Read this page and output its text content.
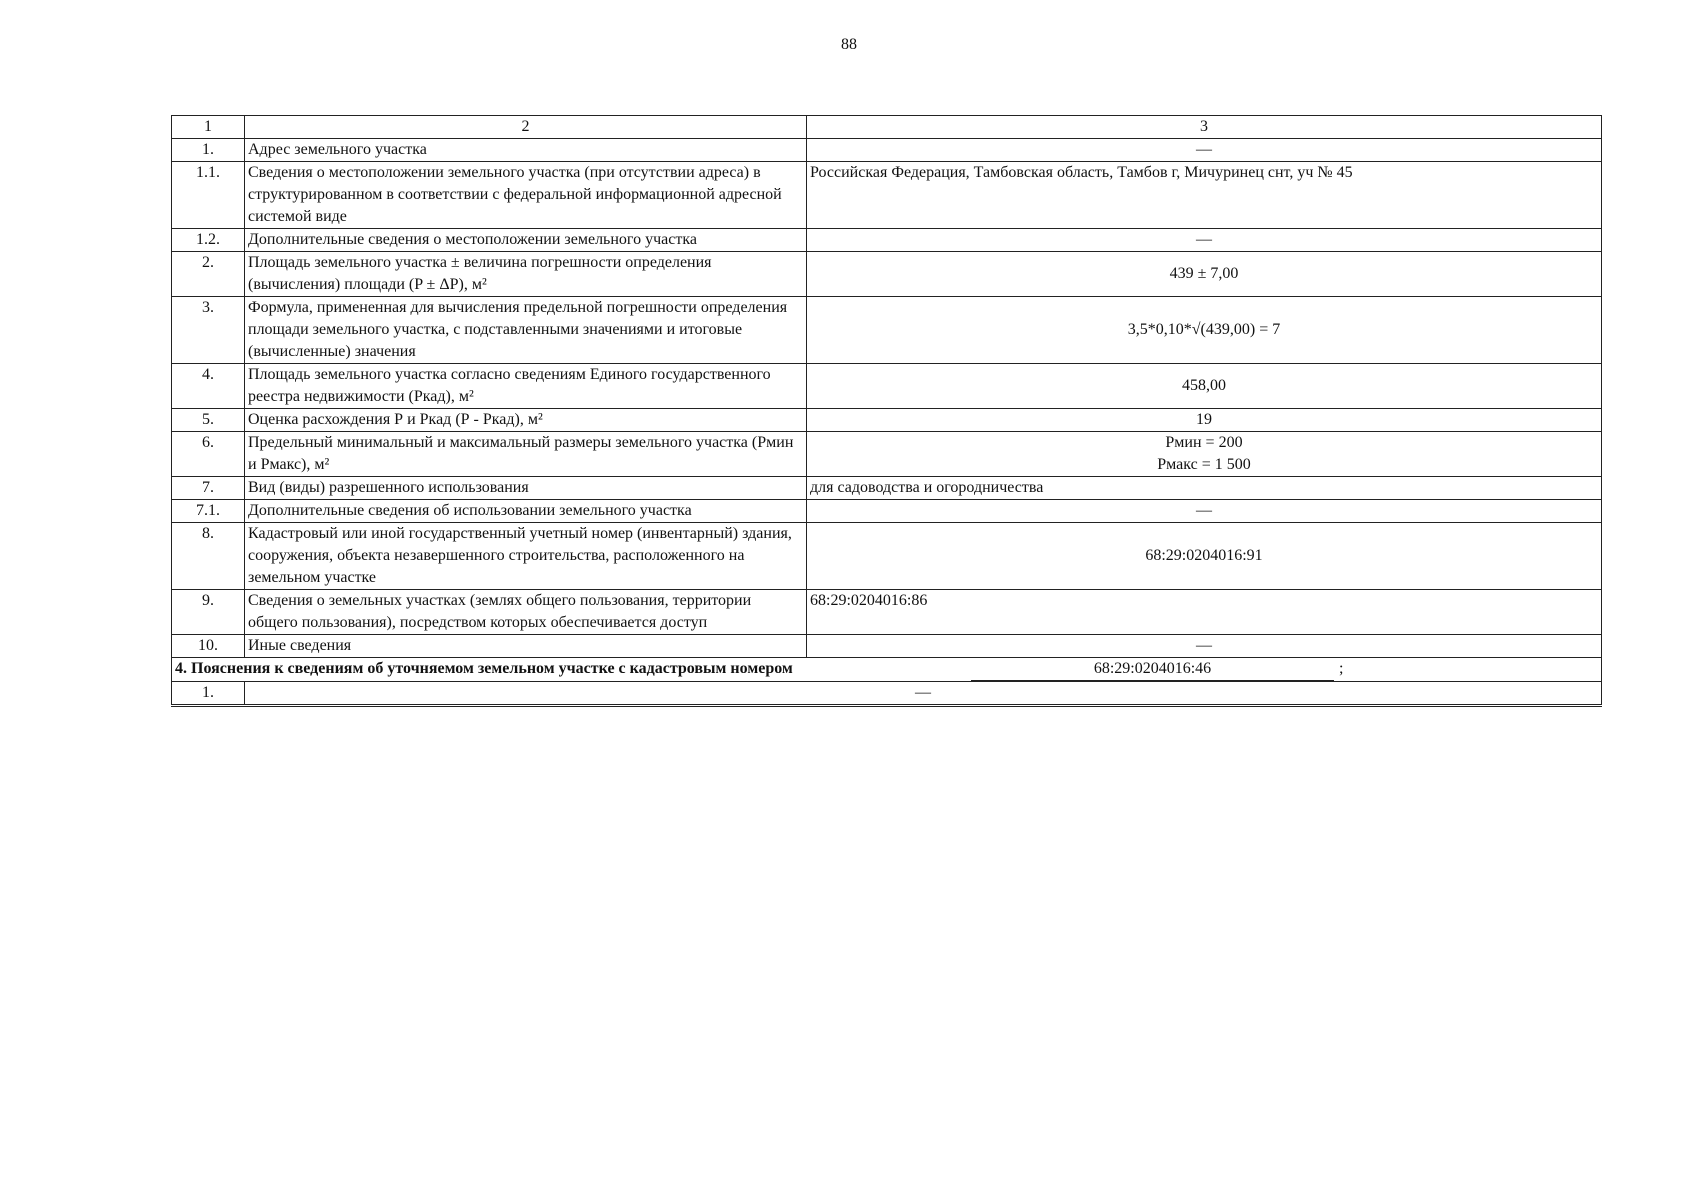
88
1	2	3
1.	Адрес земельного участка	—
1.1.	Сведения о местоположении земельного участка (при отсутствии адреса) в структурированном в соответствии с федеральной информационной адресной системой виде	Российская Федерация, Тамбовская область, Тамбов г, Мичуринец снт, уч № 45
1.2.	Дополнительные сведения о местоположении земельного участка	—
2.	Площадь земельного участка ± величина погрешности определения (вычисления) площади (P ± ΔP), м²	439 ± 7,00
3.	Формула, примененная для вычисления предельной погрешности определения площади земельного участка, с подставленными значениями и итоговые (вычисленные) значения	3,5*0,10*√(439,00) = 7
4.	Площадь земельного участка согласно сведениям Единого государственного реестра недвижимости (Ркад), м²	458,00
5.	Оценка расхождения Р и Ркад (Р - Ркад), м²	19
6.	Предельный минимальный и максимальный размеры земельного участка (Рмин и Рмакс), м²	Рмин = 200
Рмакс = 1 500

7.	Вид (виды) разрешенного использования	для садоводства и огородничества
7.1.	Дополнительные сведения об использовании земельного участка	—
8.	Кадастровый или иной государственный учетный номер (инвентарный) здания, сооружения, объекта незавершенного строительства, расположенного на земельном участке	68:29:0204016:91
9.	Сведения о земельных участках (землях общего пользования, территории общего пользования), посредством которых обеспечивается доступ	68:29:0204016:86
10.	Иные сведения	—

4. Пояснения к сведениям об уточняемом земельном участке с кадастровым номером 68:29:0204016:46 ;		

1.	—	
